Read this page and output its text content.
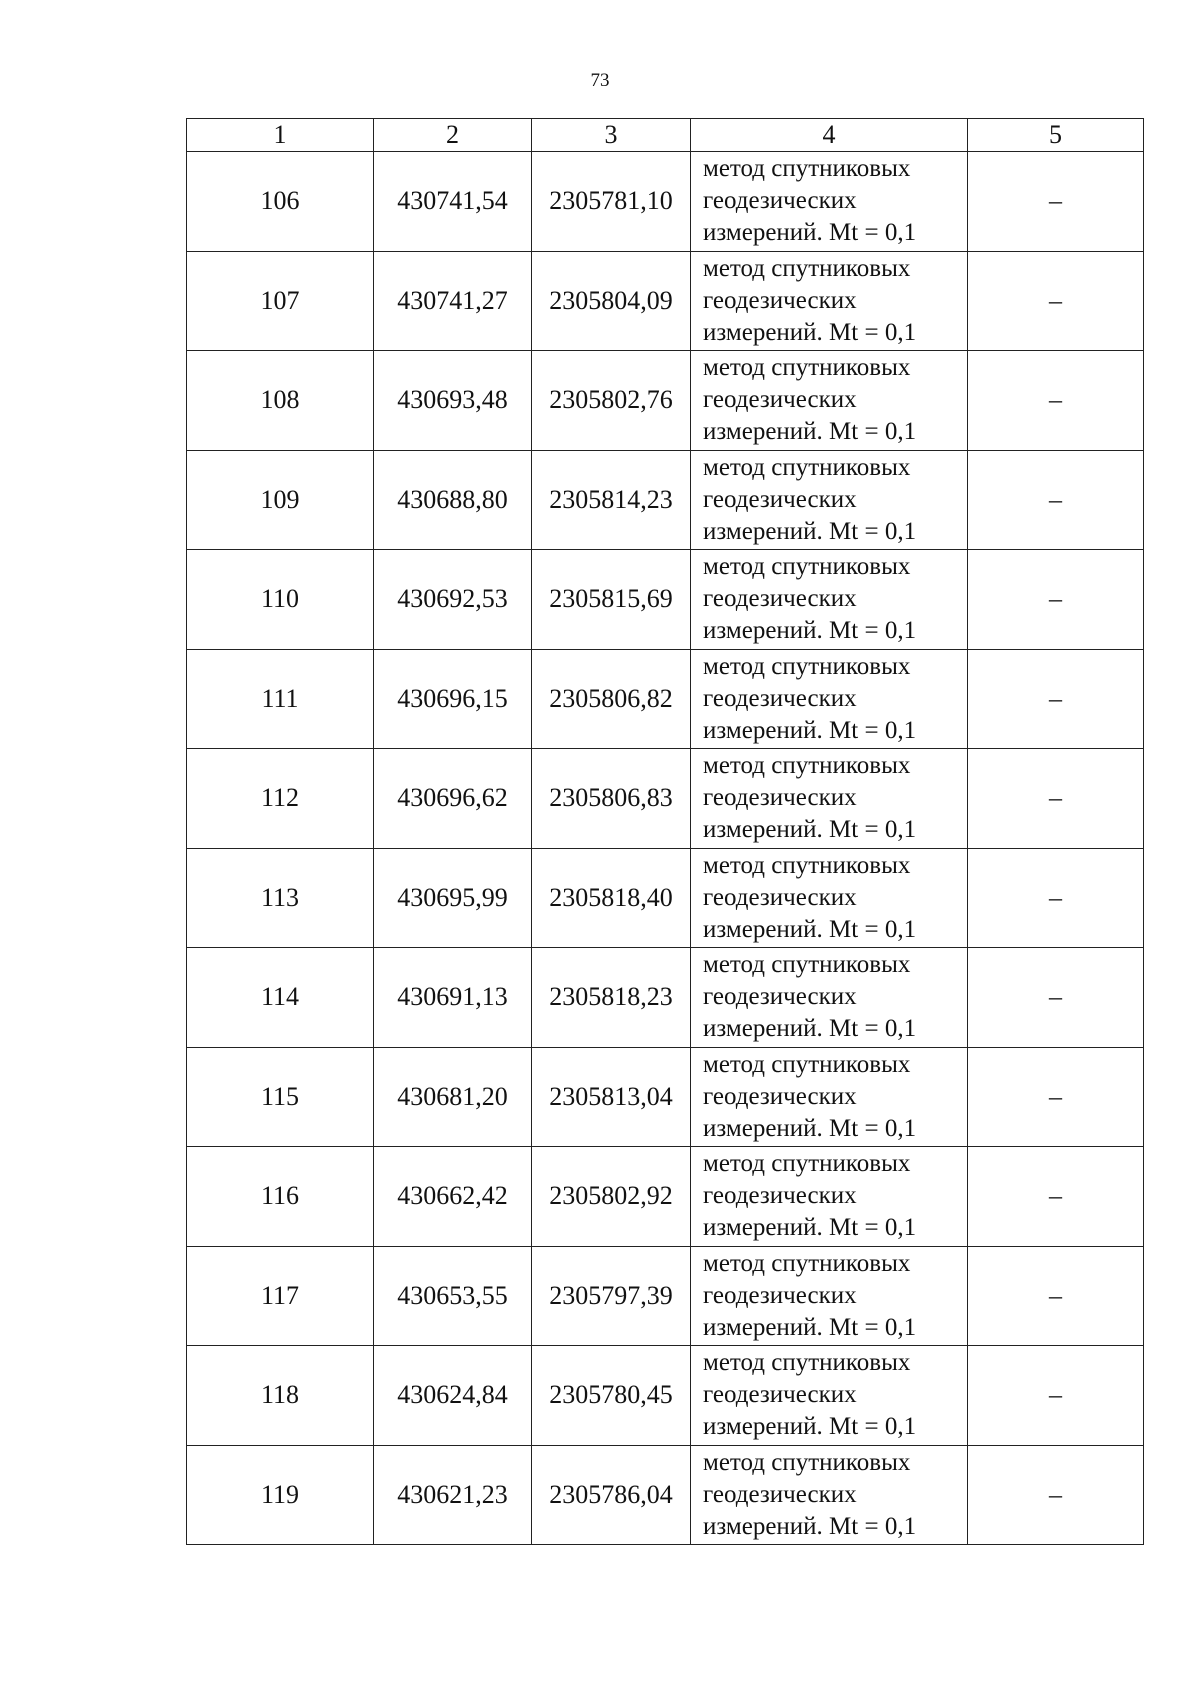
73
1	2	3	4	5
106	430741,54	2305781,10	метод спутниковых
геодезических
измерений. Mt = 0,1	–
107	430741,27	2305804,09	метод спутниковых
геодезических
измерений. Mt = 0,1	–
108	430693,48	2305802,76	метод спутниковых
геодезических
измерений. Mt = 0,1	–
109	430688,80	2305814,23	метод спутниковых
геодезических
измерений. Mt = 0,1	–
110	430692,53	2305815,69	метод спутниковых
геодезических
измерений. Mt = 0,1	–
111	430696,15	2305806,82	метод спутниковых
геодезических
измерений. Mt = 0,1	–
112	430696,62	2305806,83	метод спутниковых
геодезических
измерений. Mt = 0,1	–
113	430695,99	2305818,40	метод спутниковых
геодезических
измерений. Mt = 0,1	–
114	430691,13	2305818,23	метод спутниковых
геодезических
измерений. Mt = 0,1	–
115	430681,20	2305813,04	метод спутниковых
геодезических
измерений. Mt = 0,1	–
116	430662,42	2305802,92	метод спутниковых
геодезических
измерений. Mt = 0,1	–
117	430653,55	2305797,39	метод спутниковых
геодезических
измерений. Mt = 0,1	–
118	430624,84	2305780,45	метод спутниковых
геодезических
измерений. Mt = 0,1	–
119	430621,23	2305786,04	метод спутниковых
геодезических
измерений. Mt = 0,1	–
